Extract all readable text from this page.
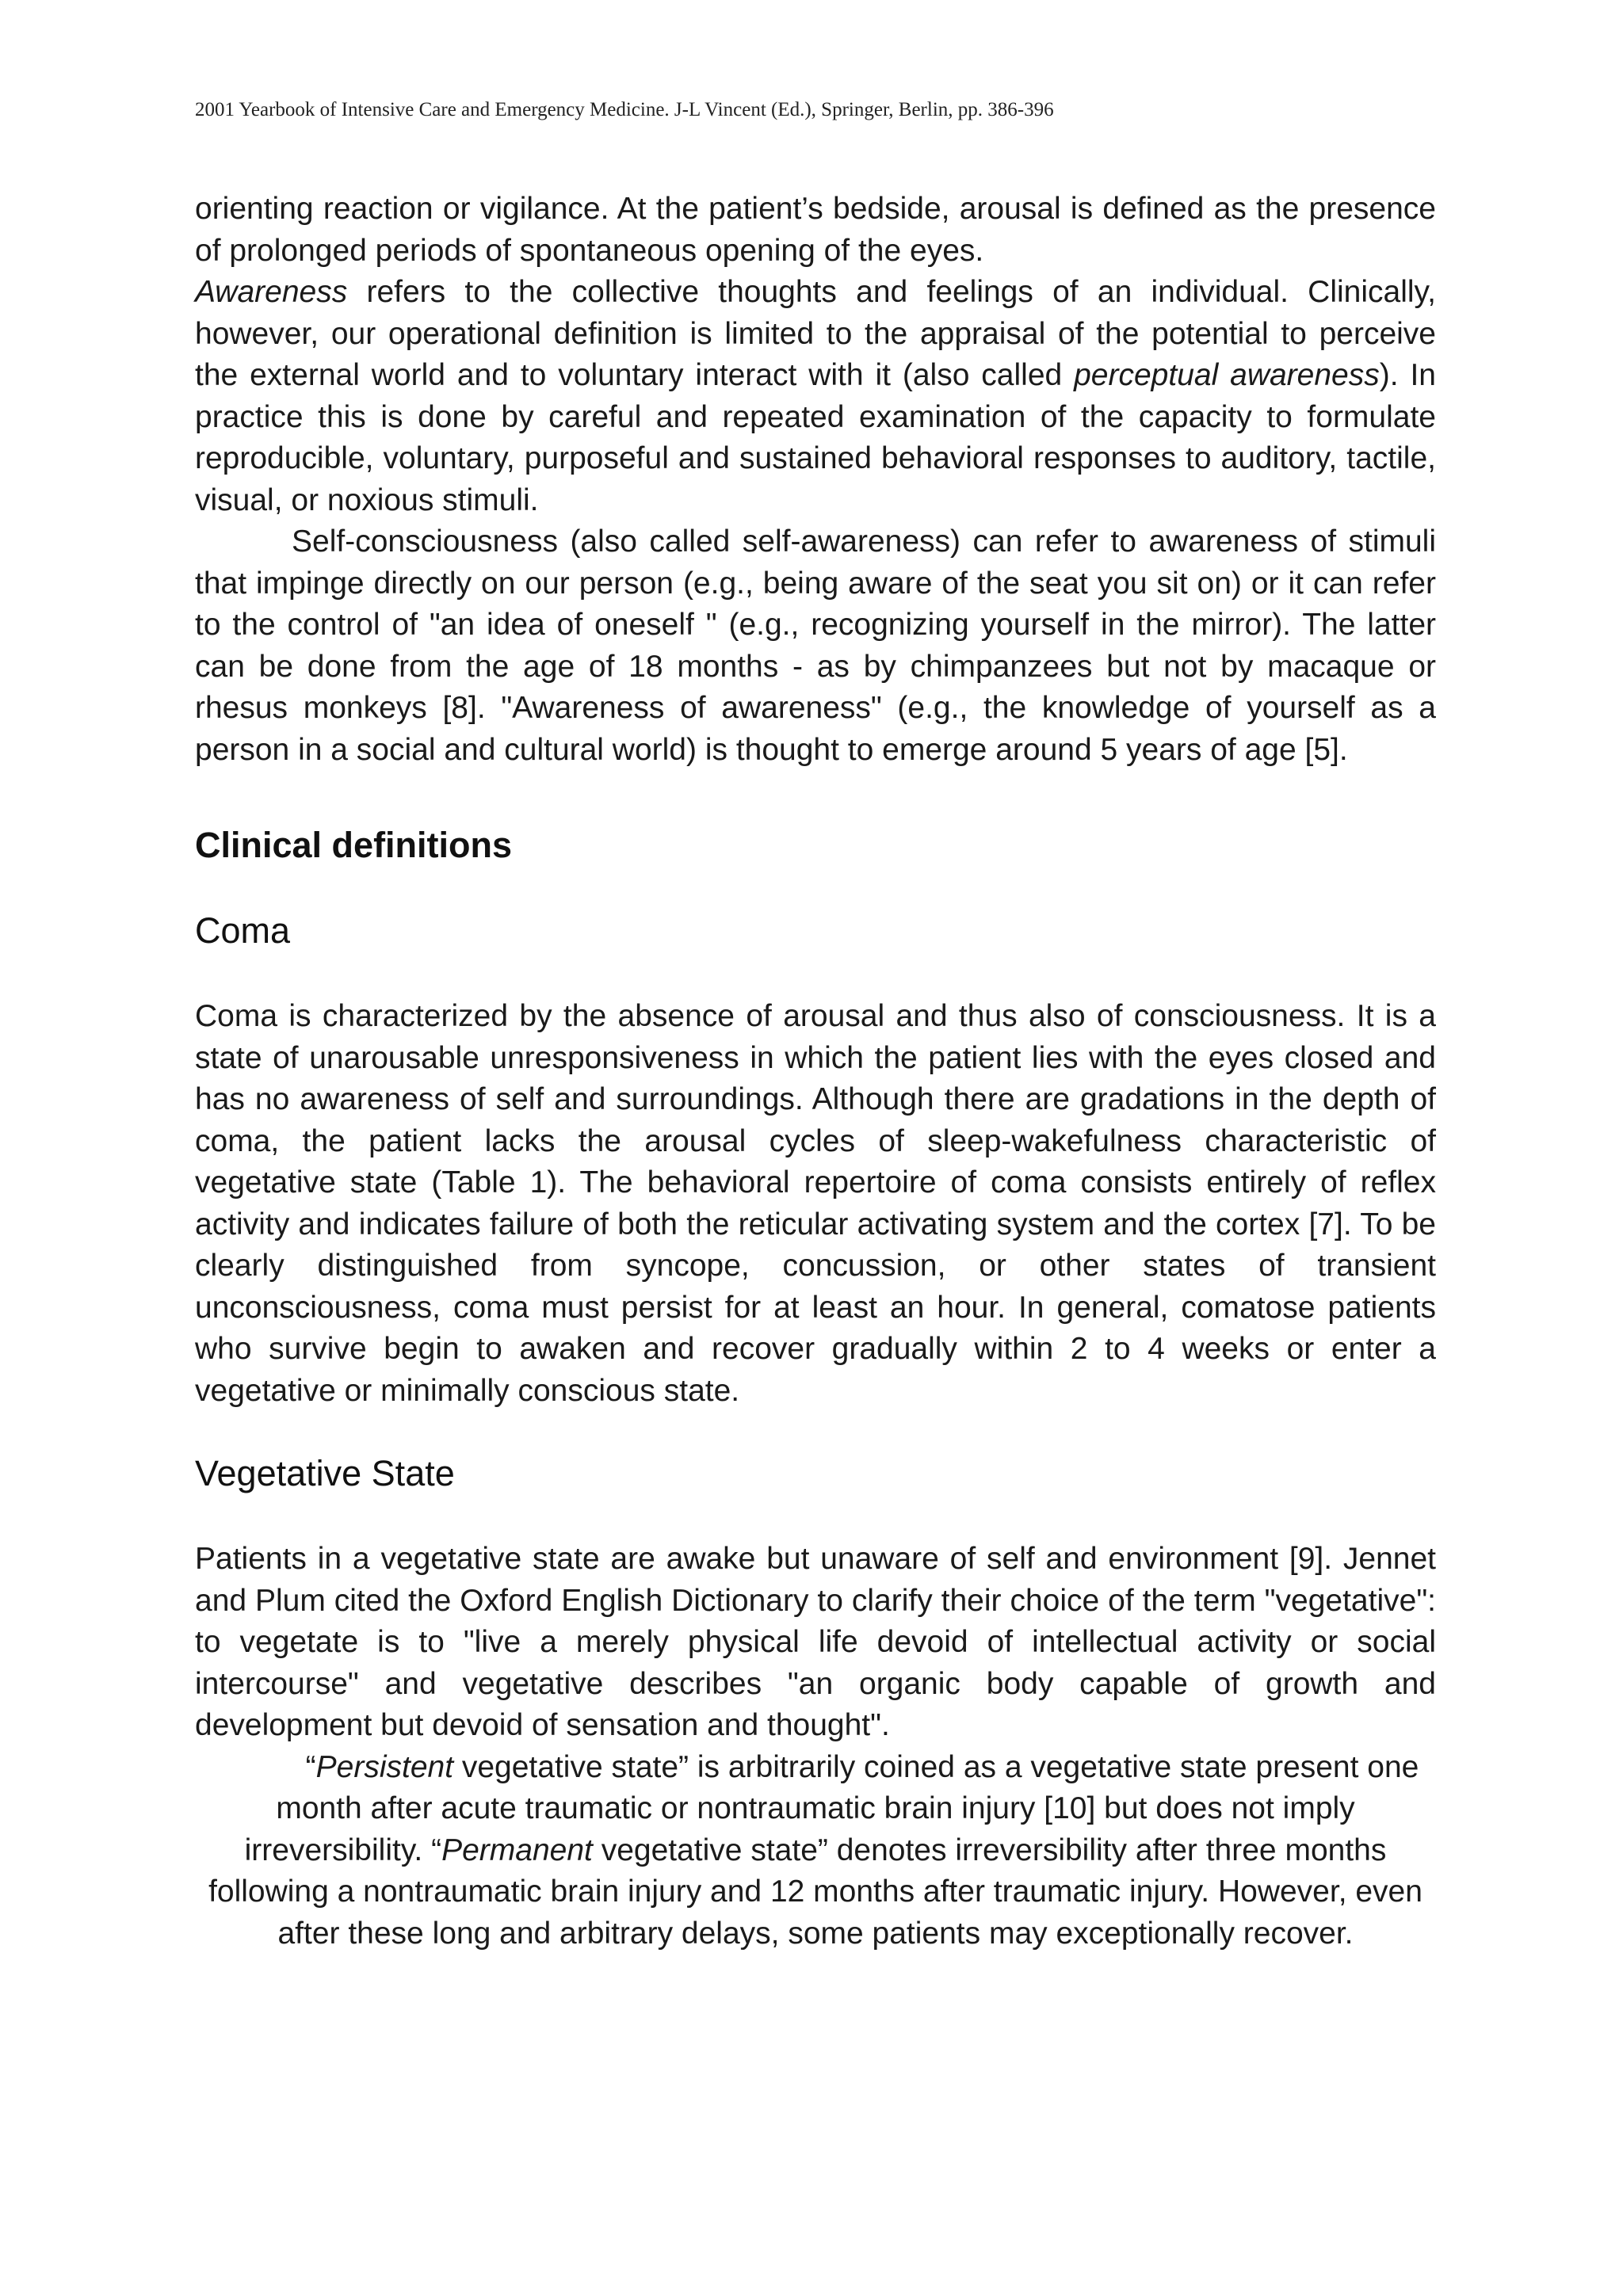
2001 Yearbook of Intensive Care and Emergency Medicine. J-L Vincent (Ed.), Springer, Berlin, pp. 386-396

orienting reaction or vigilance. At the patient’s bedside, arousal is defined as the presence of prolonged periods of spontaneous opening of the eyes.

Awareness refers to the collective thoughts and feelings of an individual. Clinically, however, our operational definition is limited to the appraisal of the potential to perceive the external world and to voluntary interact with it (also called perceptual awareness). In practice this is done by careful and repeated examination of the capacity to formulate reproducible, voluntary, purposeful and sustained behavioral responses to auditory, tactile, visual, or noxious stimuli.

Self-consciousness (also called self-awareness) can refer to awareness of stimuli that impinge directly on our person (e.g., being aware of the seat you sit on) or it can refer to the control of "an idea of oneself " (e.g., recognizing yourself in the mirror). The latter can be done from the age of 18 months - as by chimpanzees but not by macaque or rhesus monkeys [8]. "Awareness of awareness" (e.g., the knowledge of yourself as a person in a social and cultural world) is thought to emerge around 5 years of age [5].

Clinical definitions
Coma

Coma is characterized by the absence of arousal and thus also of consciousness. It is a state of unarousable unresponsiveness in which the patient lies with the eyes closed and has no awareness of self and surroundings. Although there are gradations in the depth of coma, the patient lacks the arousal cycles of sleep-wakefulness characteristic of vegetative state (Table 1). The behavioral repertoire of coma consists entirely of reflex activity and indicates failure of both the reticular activating system and the cortex [7]. To be clearly distinguished from syncope, concussion, or other states of transient unconsciousness, coma must persist for at least an hour. In general, comatose patients who survive begin to awaken and recover gradually within 2 to 4 weeks or enter a vegetative or minimally conscious state.

Vegetative State

Patients in a vegetative state are awake but unaware of self and environment [9]. Jennet and Plum cited the Oxford English Dictionary to clarify their choice of the term "vegetative": to vegetate is to "live a merely physical life devoid of intellectual activity or social intercourse" and vegetative describes "an organic body capable of growth and development but devoid of sensation and thought".

“Persistent vegetative state” is arbitrarily coined as a vegetative state present one month after acute traumatic or nontraumatic brain injury [10] but does not imply irreversibility. “Permanent vegetative state” denotes irreversibility after three months following a nontraumatic brain injury and 12 months after traumatic injury. However, even after these long and arbitrary delays, some patients may exceptionally recover.
